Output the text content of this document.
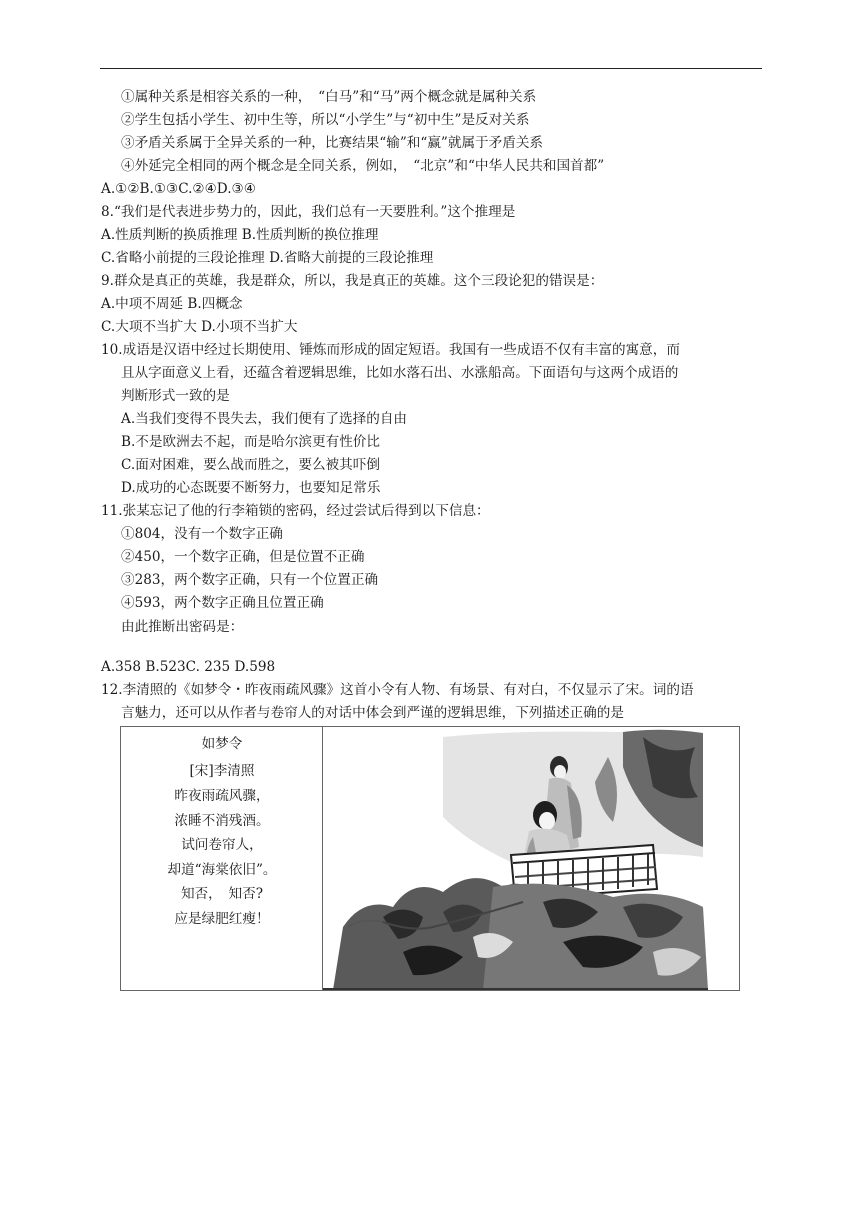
①属种关系是相容关系的一种，　“白马”和“马”两个概念就是属种关系
②学生包括小学生、初中生等，所以“小学生”与“初中生”是反对关系
③矛盾关系属于全异关系的一种，比赛结果“输”和“赢”就属于矛盾关系
④外延完全相同的两个概念是全同关系，例如，　“北京”和“中华人民共和国首都”
A.①②B.①③C.②④D.③④
8.“我们是代表进步势力的，因此，我们总有一天要胜利。”这个推理是
A.性质判断的换质推理 B.性质判断的换位推理
C.省略小前提的三段论推理 D.省略大前提的三段论推理
9.群众是真正的英雄，我是群众，所以，我是真正的英雄。这个三段论犯的错误是：
A.中项不周延 B.四概念
C.大项不当扩大 D.小项不当扩大
10.成语是汉语中经过长期使用、锤炼而形成的固定短语。我国有一些成语不仅有丰富的寓意，而
且从字面意义上看，还蕴含着逻辑思维，比如水落石出、水涨船高。下面语句与这两个成语的
判断形式一致的是
A.当我们变得不畏失去，我们便有了选择的自由
B.不是欧洲去不起，而是哈尔滨更有性价比
C.面对困难，要么战而胜之，要么被其吓倒
D.成功的心态既要不断努力，也要知足常乐
11.张某忘记了他的行李箱锁的密码，经过尝试后得到以下信息：
①804，没有一个数字正确
②450，一个数字正确，但是位置不正确
③283，两个数字正确，只有一个位置正确
④593，两个数字正确且位置正确
由此推断出密码是：
A.358 B.523C. 235 D.598
12.李清照的《如梦令・昨夜雨疏风骤》这首小令有人物、有场景、有对白，不仅显示了宋。词的语
言魅力，还可以从作者与卷帘人的对话中体会到严谨的逻辑思维，下列描述正确的是
如梦令
[宋]李清照
昨夜雨疏风骤，
浓睡不消残酒。
试问卷帘人，
却道“海棠依旧”。
知否，　知否?
应是绿肥红瘦！
